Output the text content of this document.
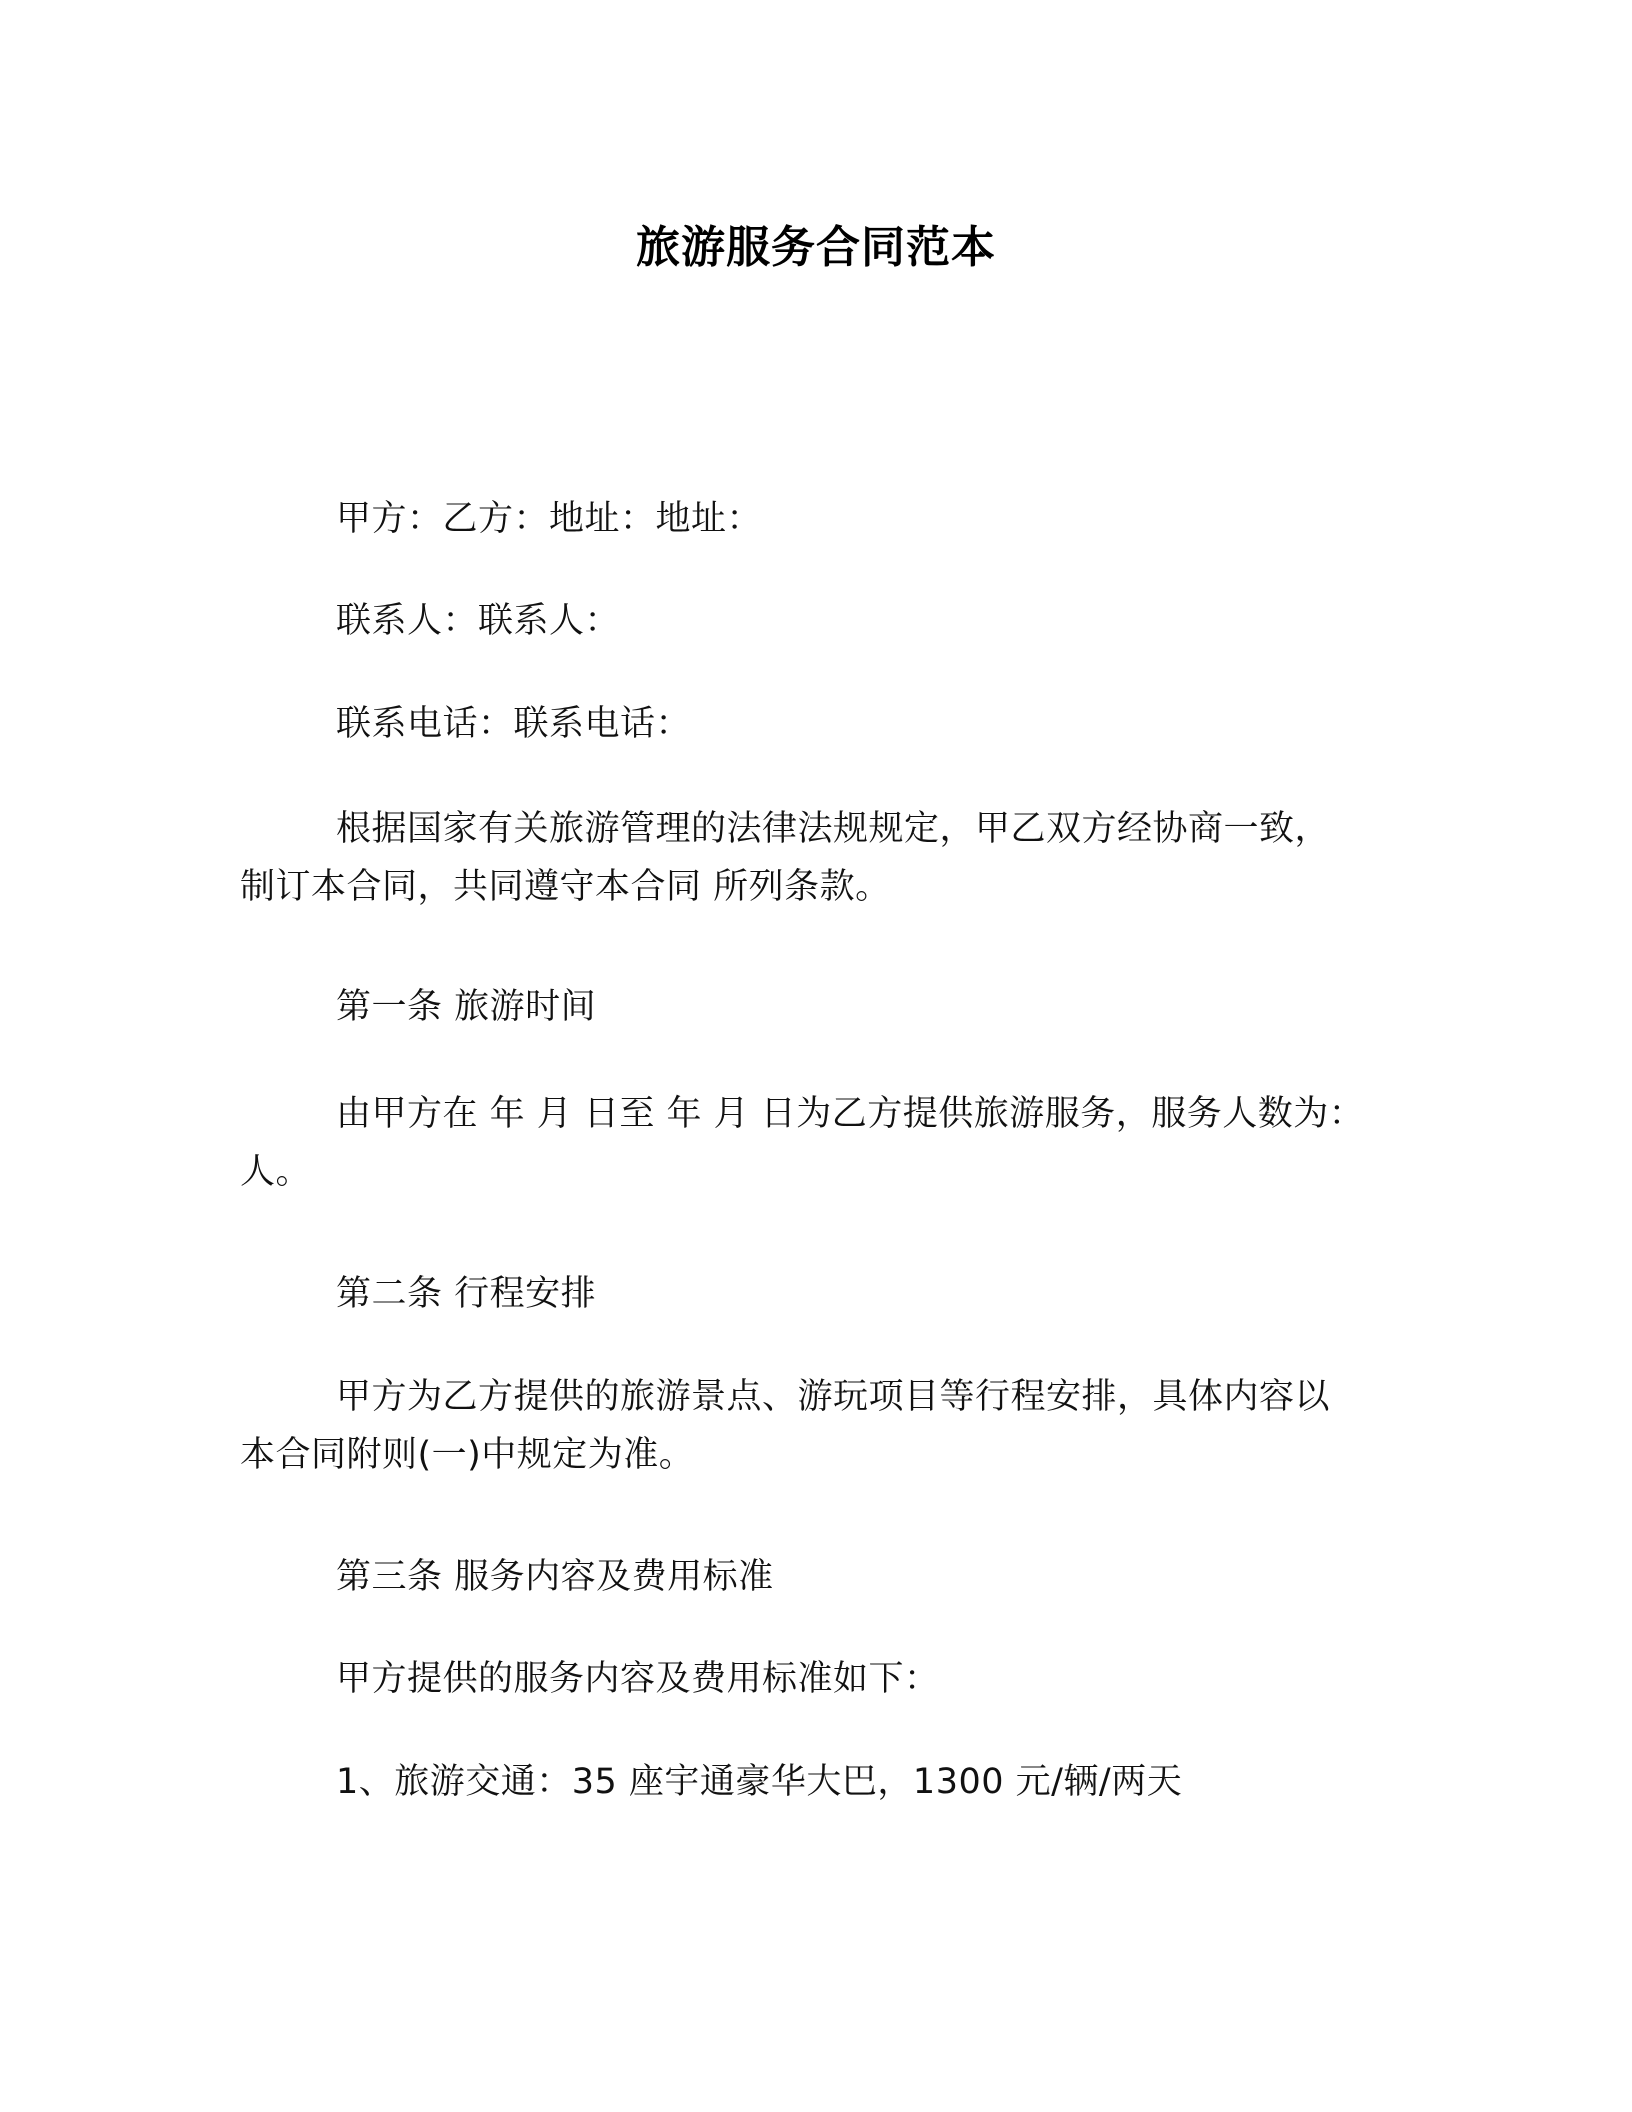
旅游服务合同范本
甲方：乙方：地址：地址：
联系人：联系人：
联系电话：联系电话：
根据国家有关旅游管理的法律法规规定，甲乙双方经协商一致，
制订本合同，共同遵守本合同 所列条款。
第一条 旅游时间
由甲方在 年 月 日至 年 月 日为乙方提供旅游服务，服务人数为：
人。
第二条 行程安排
甲方为乙方提供的旅游景点、游玩项目等行程安排，具体内容以
本合同附则(一)中规定为准。
第三条 服务内容及费用标准
甲方提供的服务内容及费用标准如下：
1、旅游交通：35 座宇通豪华大巴，1300 元/辆/两天
